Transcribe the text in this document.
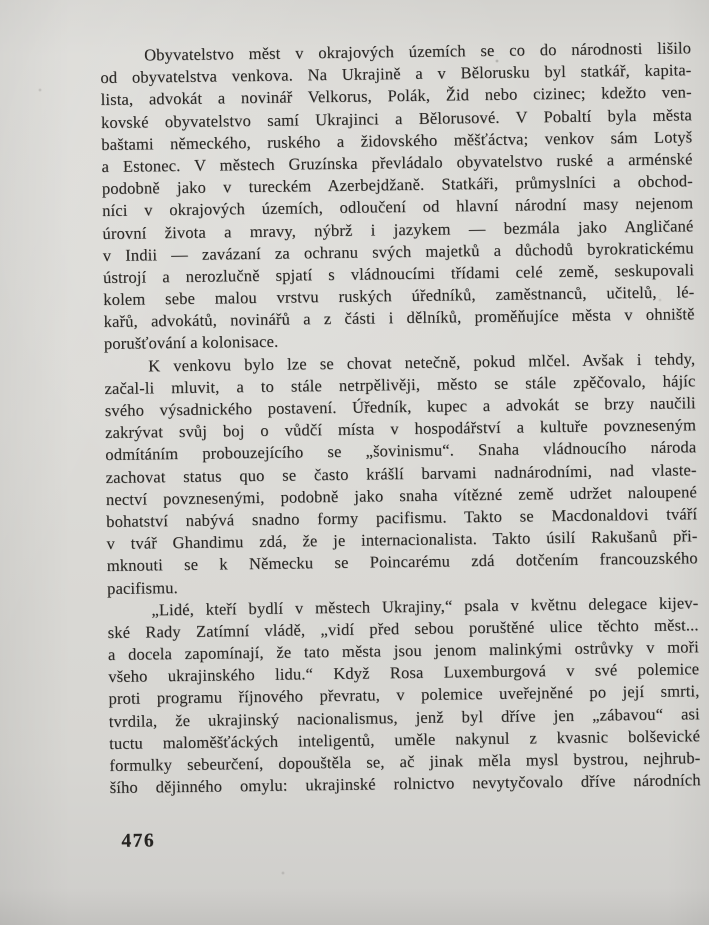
Obyvatelstvo měst v okrajových územích se co do národnosti lišilo
od obyvatelstva venkova. Na Ukrajině a v Bělorusku byl statkář, kapita-
lista, advokát a novinář Velkorus, Polák, Žid nebo cizinec; kdežto ven-
kovské obyvatelstvo samí Ukrajinci a Bělorusové. V Pobaltí byla města
baštami německého, ruského a židovského měšťáctva; venkov sám Lotyš
a Estonec. V městech Gruzínska převládalo obyvatelstvo ruské a arménské
podobně jako v tureckém Azerbejdžaně. Statkáři, průmyslníci a obchod-
níci v okrajových územích, odloučení od hlavní národní masy nejenom
úrovní života a mravy, nýbrž i jazykem — bezmála jako Angličané
v Indii — zavázaní za ochranu svých majetků a důchodů byrokratickému
ústrojí a nerozlučně spjatí s vládnoucími třídami celé země, seskupovali
kolem sebe malou vrstvu ruských úředníků, zaměstnanců, učitelů, lé-
kařů, advokátů, novinářů a z části i dělníků, proměňujíce města v ohniště
porušťování a kolonisace.
K venkovu bylo lze se chovat netečně, pokud mlčel. Avšak i tehdy,
začal-li mluvit, a to stále netrpělivěji, město se stále zpěčovalo, hájíc
svého výsadnického postavení. Úředník, kupec a advokát se brzy naučili
zakrývat svůj boj o vůdčí místa v hospodářství a kultuře povzneseným
odmítáním probouzejícího se „šovinismu“. Snaha vládnoucího národa
zachovat status quo se často krášlí barvami nadnárodními, nad vlaste-
nectví povznesenými, podobně jako snaha vítězné země udržet naloupené
bohatství nabývá snadno formy pacifismu. Takto se Macdonaldovi tváří
v tvář Ghandimu zdá, že je internacionalista. Takto úsilí Rakušanů při-
mknouti se k Německu se Poincarému zdá dotčením francouzského
pacifismu.
„Lidé, kteří bydlí v městech Ukrajiny,“ psala v květnu delegace kijev-
ské Rady Zatímní vládě, „vidí před sebou poruštěné ulice těchto měst...
a docela zapomínají, že tato města jsou jenom malinkými ostrůvky v moři
všeho ukrajinského lidu.“ Když Rosa Luxemburgová v své polemice
proti programu říjnového převratu, v polemice uveřejněné po její smrti,
tvrdila, že ukrajinský nacionalismus, jenž byl dříve jen „zábavou“ asi
tuctu maloměšťáckých inteligentů, uměle nakynul z kvasnic bolševické
formulky sebeurčení, dopouštěla se, ač jinak měla mysl bystrou, nejhrub-
šího dějinného omylu: ukrajinské rolnictvo nevytyčovalo dříve národních
476
